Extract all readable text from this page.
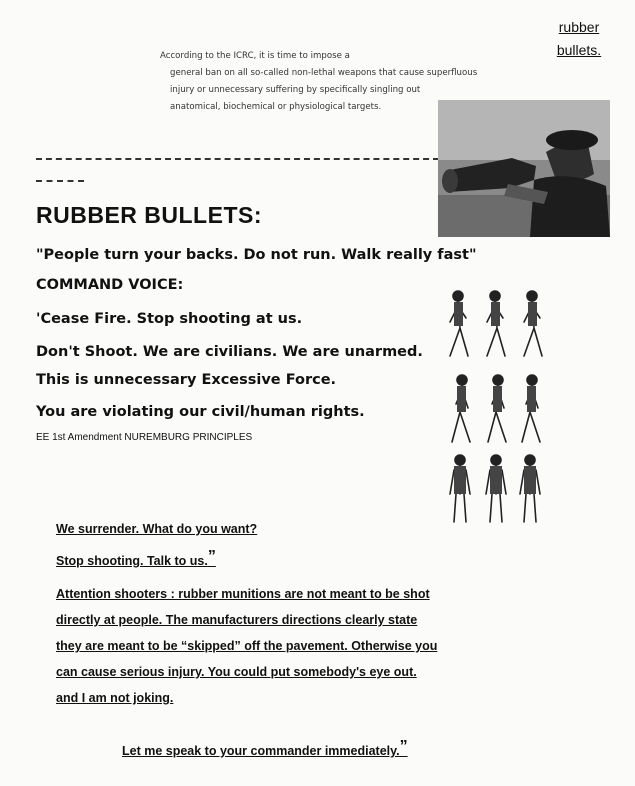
rubber
bullets.
According to the ICRC, it is time to impose a
general ban on all so-called non-lethal weapons that cause superfluous
injury or unnecessary suffering by specifically singling out
anatomical, biochemical or physiological targets.
RUBBER BULLETS:
"People turn your backs. Do not run. Walk really fast"
COMMAND VOICE:
'Cease Fire. Stop shooting at us.
Don't Shoot. We are civilians. We are unarmed.
This is unnecessary Excessive Force.
You are violating our civil/human rights.
EE 1st Amendment NUREMBURG PRINCIPLES
We surrender. What do you want?
Stop shooting. Talk to us.”
Attention shooters : rubber munitions are not meant to be shot
directly at people. The manufacturers directions clearly state
they are meant to be “skipped” off the pavement. Otherwise you
can cause serious injury. You could put somebody's eye out.
and I am not joking.
Let me speak to your commander immediately.”
